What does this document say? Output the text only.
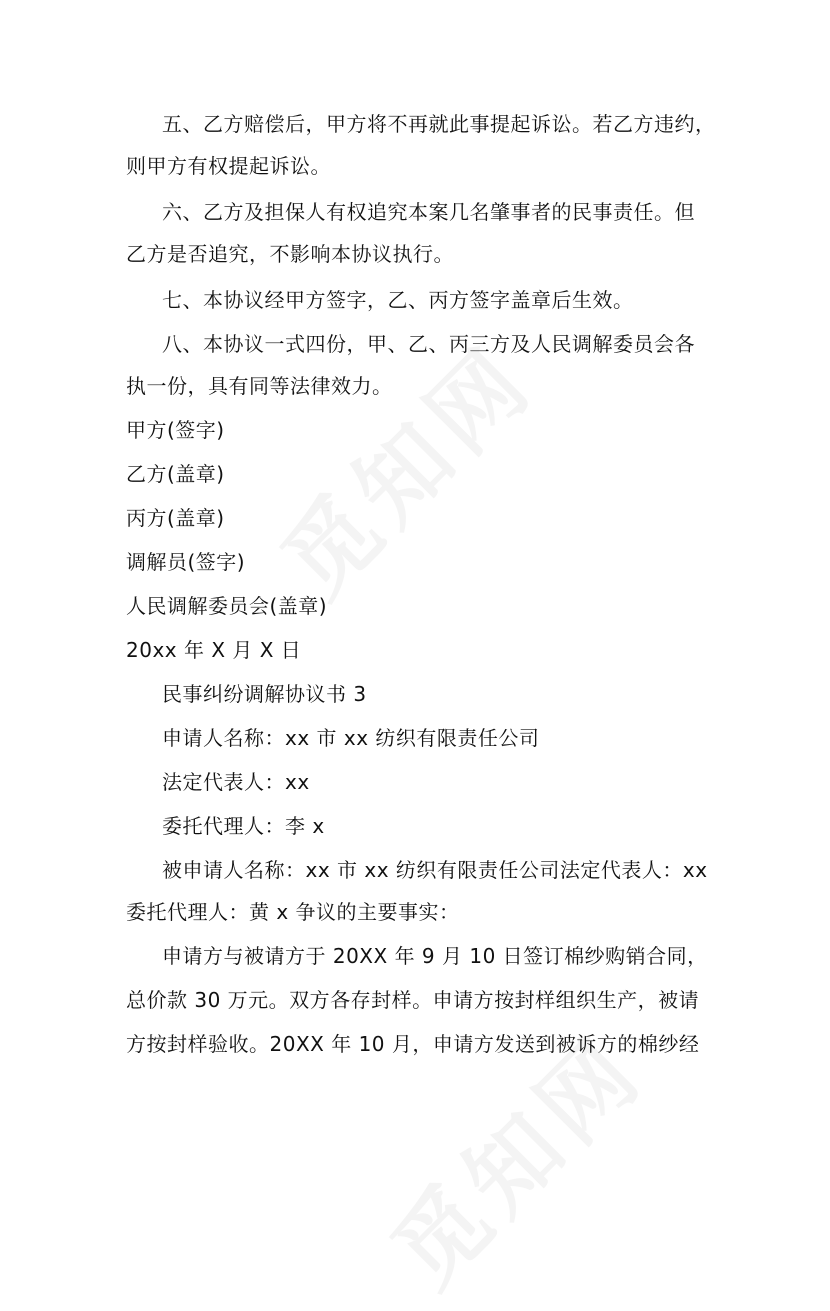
五、乙方赔偿后，甲方将不再就此事提起诉讼。若乙方违约，

则甲方有权提起诉讼。

六、乙方及担保人有权追究本案几名肇事者的民事责任。但

乙方是否追究，不影响本协议执行。

七、本协议经甲方签字，乙、丙方签字盖章后生效。

八、本协议一式四份，甲、乙、丙三方及人民调解委员会各

执一份，具有同等法律效力。

甲方(签字)

乙方(盖章)

丙方(盖章)

调解员(签字)

人民调解委员会(盖章)

20xx 年 X 月 X 日

民事纠纷调解协议书 3

申请人名称：xx 市 xx 纺织有限责任公司

法定代表人：xx

委托代理人：李 x

被申请人名称：xx 市 xx 纺织有限责任公司法定代表人：xx

委托代理人：黄 x 争议的主要事实：

申请方与被请方于 20XX 年 9 月 10 日签订棉纱购销合同，

总价款 30 万元。双方各存封样。申请方按封样组织生产，被请

方按封样验收。20XX 年 10 月，申请方发送到被诉方的棉纱经
